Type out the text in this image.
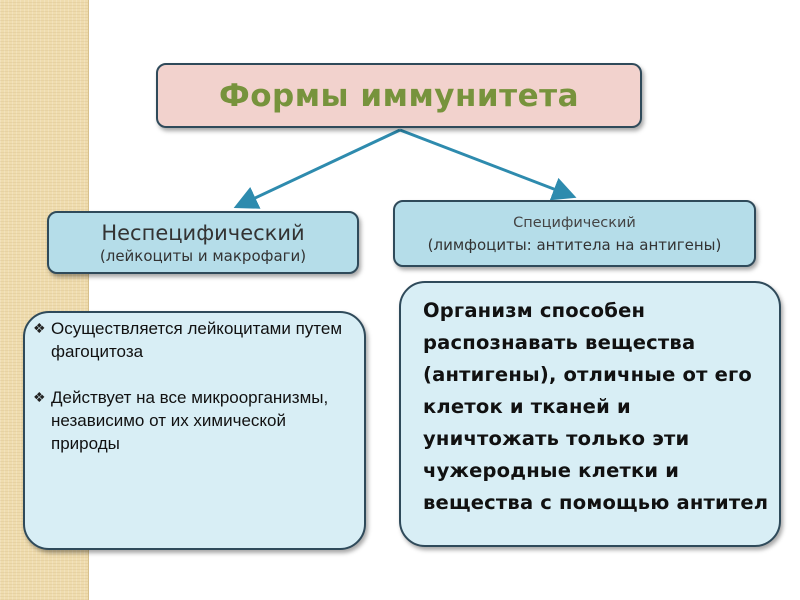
Формы иммунитета
Неспецифический
(лейкоциты и макрофаги)
Специфический
(лимфоциты: антитела на антигены)
❖ Осуществляется лейкоцитами путем фагоцитоза
❖ Действует на все микроорганизмы, независимо от их химической природы
Организм способен распознавать вещества (антигены), отличные от его клеток и тканей и уничтожать только эти чужеродные клетки и вещества с помощью антител
